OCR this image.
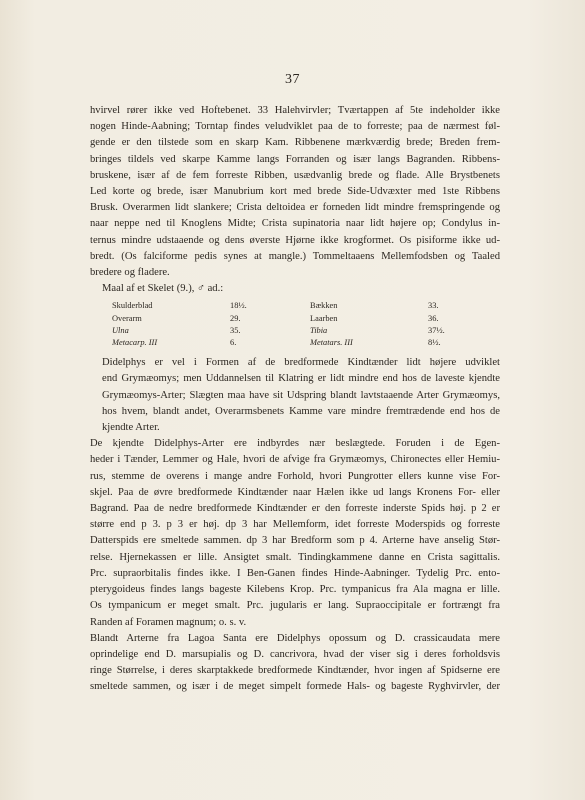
37

hvirvel rører ikke ved Hoftebenet. 33 Halehvirvler; Tværtappen af 5te indeholder ikke
nogen Hinde-Aabning; Torntap findes veludviklet paa de to forreste; paa de nærmest føl-
gende er den tilstede som en skarp Kam. Ribbenene mærkværdig brede; Breden frem-
bringes tildels ved skarpe Kamme langs Forranden og især langs Bagranden. Ribbens-
bruskene, især af de fem forreste Ribben, usædvanlig brede og flade. Alle Brystbenets
Led korte og brede, især Manubrium kort med brede Side-Udvæxter med 1ste Ribbens
Brusk. Overarmen lidt slankere; Crista deltoidea er forneden lidt mindre fremspringende og
naar neppe ned til Knoglens Midte; Crista supinatoria naar lidt højere op; Condylus in-
ternus mindre udstaaende og dens øverste Hjørne ikke krogformet. Os pisiforme ikke ud-
bredt. (Os falciforme pedis synes at mangle.) Tommeltaaens Mellemfodsben og Taaled
bredere og fladere.

Maal af et Skelet (9.), ♂ ad.:

Skulderblad	18½.	Bækken	33.
Overarm	29.	Laarben	36.
Ulna	35.	Tibia	37½.
Metacarp. III	6.	Metatars. III	8½.

Didelphys er vel i Formen af de bredformede Kindtænder lidt højere udviklet
end Grymæomys; men Uddannelsen til Klatring er lidt mindre end hos de laveste kjendte
Grymæomys-Arter; Slægten maa have sit Udspring blandt lavtstaaende Arter Grymæomys,
hos hvem, blandt andet, Overarmsbenets Kamme vare mindre fremtrædende end hos de
kjendte Arter.

De kjendte Didelphys-Arter ere indbyrdes nær beslægtede. Foruden i de Egen-
heder i Tænder, Lemmer og Hale, hvori de afvige fra Grymæomys, Chironectes eller Hemiu-
rus, stemme de overens i mange andre Forhold, hvori Pungrotter ellers kunne vise For-
skjel. Paa de øvre bredformede Kindtænder naar Hælen ikke ud langs Kronens For- eller
Bagrand. Paa de nedre bredformede Kindtænder er den forreste inderste Spids høj. p 2 er
større end p 3. p 3 er høj. dp 3 har Mellemform, idet forreste Moderspids og forreste
Datterspids ere smeltede sammen. dp 3 har Bredform som p 4. Arterne have anselig Stør-
relse. Hjernekassen er lille. Ansigtet smalt. Tindingkammene danne en Crista sagittalis.
Prc. supraorbitalis findes ikke. I Ben-Ganen findes Hinde-Aabninger. Tydelig Prc. ento-
pterygoideus findes langs bageste Kilebens Krop. Prc. tympanicus fra Ala magna er lille.
Os tympanicum er meget smalt. Prc. jugularis er lang. Supraoccipitale er fortrængt fra
Randen af Foramen magnum; o. s. v.

Blandt Arterne fra Lagoa Santa ere Didelphys opossum og D. crassicaudata mere
oprindelige end D. marsupialis og D. cancrivora, hvad der viser sig i deres forholdsvis
ringe Størrelse, i deres skarptakkede bredformede Kindtænder, hvor ingen af Spidserne ere
smeltede sammen, og især i de meget simpelt formede Hals- og bageste Ryghvirvler, der
